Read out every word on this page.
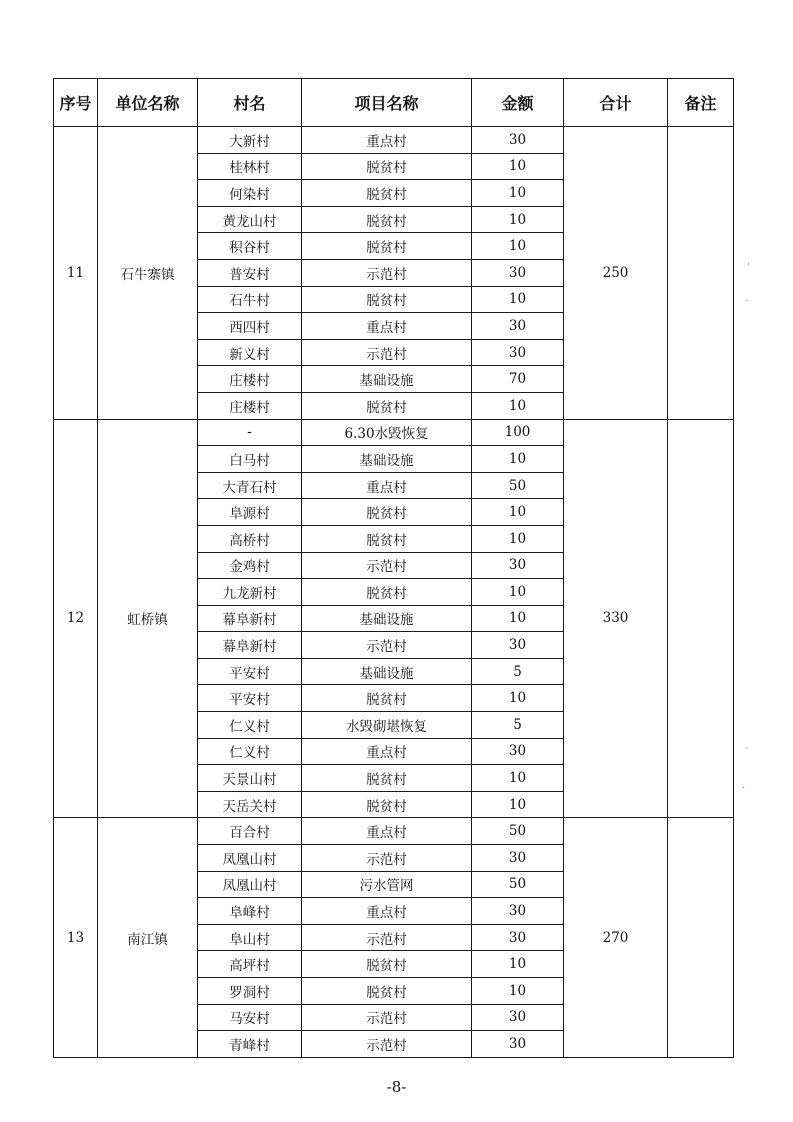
序号	单位名称	村名	项目名称	金额	合计	备注
11	石牛寨镇	大新村	重点村	30	250	
		桂林村	脱贫村	10		
		何染村	脱贫村	10		
		黄龙山村	脱贫村	10		
		积谷村	脱贫村	10		
		普安村	示范村	30		
		石牛村	脱贫村	10		
		西四村	重点村	30		
		新义村	示范村	30		
		庄楼村	基础设施	70		
		庄楼村	脱贫村	10		
12	虹桥镇	-	6.30水毁恢复	100	330	
		白马村	基础设施	10		
		大青石村	重点村	50		
		阜源村	脱贫村	10		
		高桥村	脱贫村	10		
		金鸡村	示范村	30		
		九龙新村	脱贫村	10		
		幕阜新村	基础设施	10		
		幕阜新村	示范村	30		
		平安村	基础设施	5		
		平安村	脱贫村	10		
		仁义村	水毁砌堪恢复	5		
		仁义村	重点村	30		
		天景山村	脱贫村	10		
		天岳关村	脱贫村	10		
13	南江镇	百合村	重点村	50	270	
		凤凰山村	示范村	30		
		凤凰山村	污水管网	50		
		阜峰村	重点村	30		
		阜山村	示范村	30		
		高坪村	脱贫村	10		
		罗洞村	脱贫村	10		
		马安村	示范村	30		
		青峰村	示范村	30		
-8-
'
·
-
·
